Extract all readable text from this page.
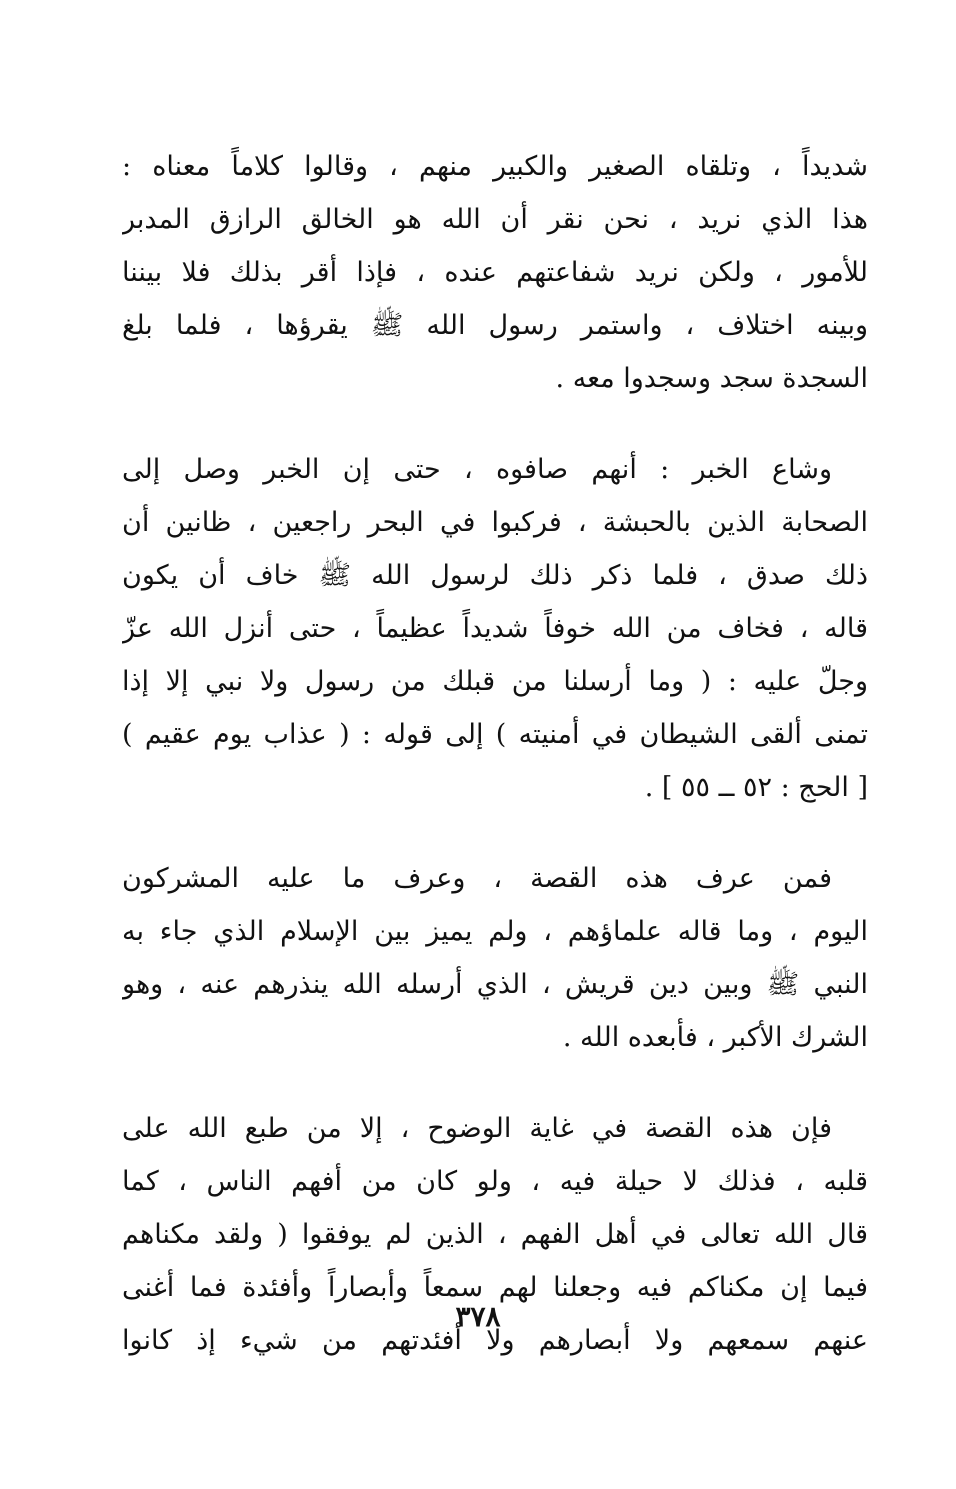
شديداً ، وتلقاه الصغير والكبير منهم ، وقالوا كلاماً معناه :
هذا الذي نريد ، نحن نقر أن الله هو الخالق الرازق المدبر
للأمور ، ولكن نريد شفاعتهم عنده ، فإذا أقر بذلك فلا بيننا
وبينه اختلاف ، واستمر رسول الله ﷺ يقرؤها ، فلما بلغ
السجدة سجد وسجدوا معه .
وشاع الخبر : أنهم صافوه ، حتى إن الخبر وصل إلى
الصحابة الذين بالحبشة ، فركبوا في البحر راجعين ، ظانين أن
ذلك صدق ، فلما ذكر ذلك لرسول الله ﷺ خاف أن يكون
قاله ، فخاف من الله خوفاً شديداً عظيماً ، حتى أنزل الله عزّ
وجلّ عليه : ( وما أرسلنا من قبلك من رسول ولا نبي إلا إذا
تمنى ألقى الشيطان في أمنيته ) إلى قوله : ( عذاب يوم عقيم )
[ الحج : ٥٢ ــ ٥٥ ] .
فمن عرف هذه القصة ، وعرف ما عليه المشركون
اليوم ، وما قاله علماؤهم ، ولم يميز بين الإسلام الذي جاء به
النبي ﷺ وبين دين قريش ، الذي أرسله الله ينذرهم عنه ، وهو
الشرك الأكبر ، فأبعده الله .
فإن هذه القصة في غاية الوضوح ، إلا من طبع الله على
قلبه ، فذلك لا حيلة فيه ، ولو كان من أفهم الناس ، كما
قال الله تعالى في أهل الفهم ، الذين لم يوفقوا ( ولقد مكناهم
فيما إن مكناكم فيه وجعلنا لهم سمعاً وأبصاراً وأفئدة فما أغنى
عنهم سمعهم ولا أبصارهم ولا أفئدتهم من شيء إذ كانوا
٣٧٨
